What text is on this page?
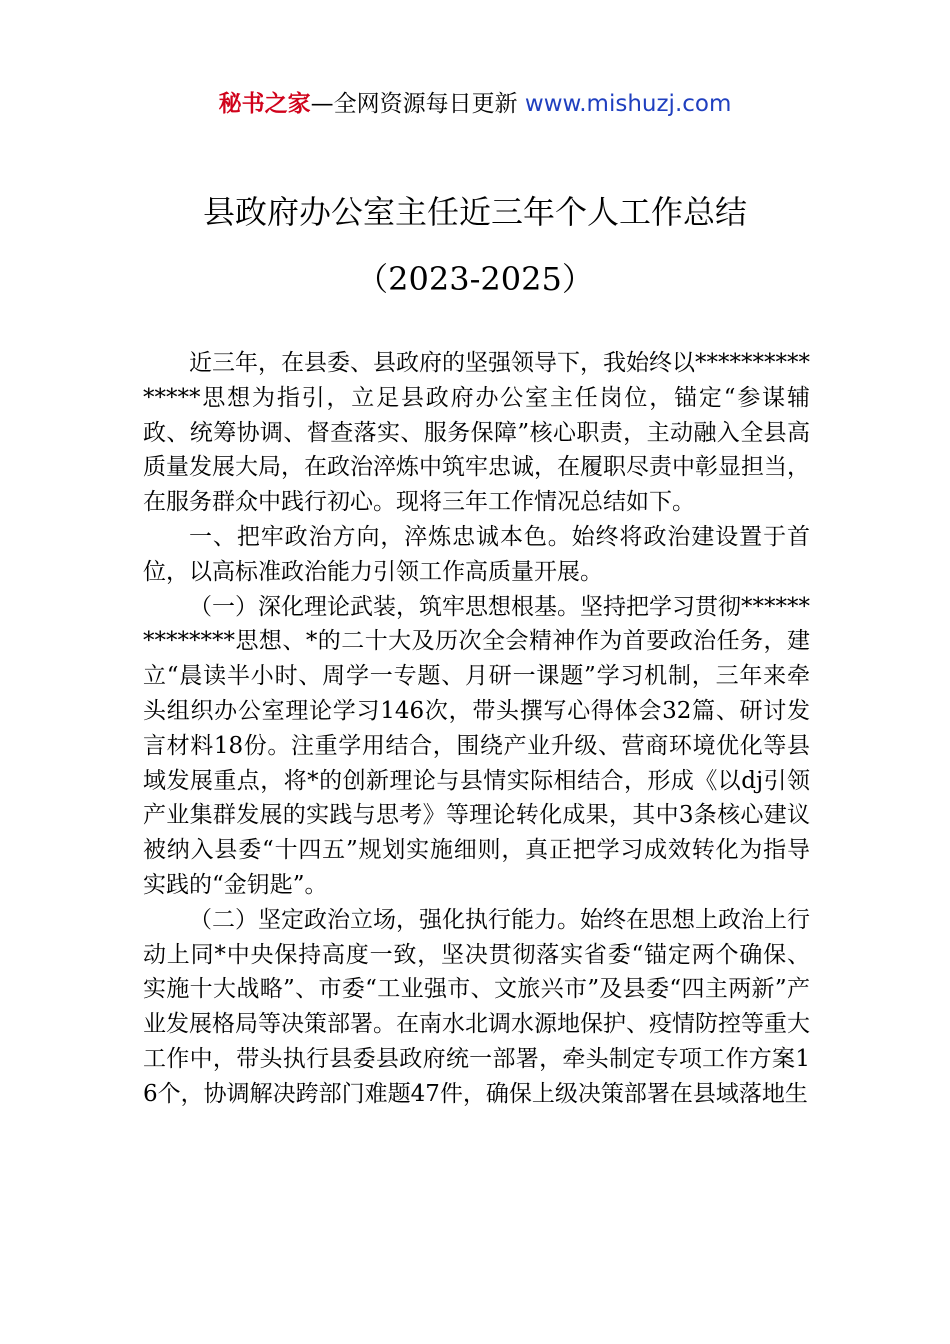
秘书之家—全网资源每日更新 www.mishuzj.com
县政府办公室主任近三年个人工作总结
（2023-2025）

近三年，在县委、县政府的坚强领导下，我始终以***************思想为指引，立足县政府办公室主任岗位，锚定“参谋辅政、统筹协调、督查落实、服务保障”核心职责，主动融入全县高质量发展大局，在政治淬炼中筑牢忠诚，在履职尽责中彰显担当，在服务群众中践行初心。现将三年工作情况总结如下。

一、把牢政治方向，淬炼忠诚本色。始终将政治建设置于首位，以高标准政治能力引领工作高质量开展。

（一）深化理论武装，筑牢思想根基。坚持把学习贯彻**************思想、*的二十大及历次全会精神作为首要政治任务，建立“晨读半小时、周学一专题、月研一课题”学习机制，三年来牵头组织办公室理论学习146次，带头撰写心得体会32篇、研讨发言材料18份。注重学用结合，围绕产业升级、营商环境优化等县域发展重点，将*的创新理论与县情实际相结合，形成《以dj引领产业集群发展的实践与思考》等理论转化成果，其中3条核心建议被纳入县委“十四五”规划实施细则，真正把学习成效转化为指导实践的“金钥匙”。

（二）坚定政治立场，强化执行能力。始终在思想上政治上行动上同*中央保持高度一致，坚决贯彻落实省委“锚定两个确保、实施十大战略”、市委“工业强市、文旅兴市”及县委“四主两新”产业发展格局等决策部署。在南水北调水源地保护、疫情防控等重大工作中，带头执行县委县政府统一部署，牵头制定专项工作方案16个，协调解决跨部门难题47件，确保上级决策部署在县域落地生
